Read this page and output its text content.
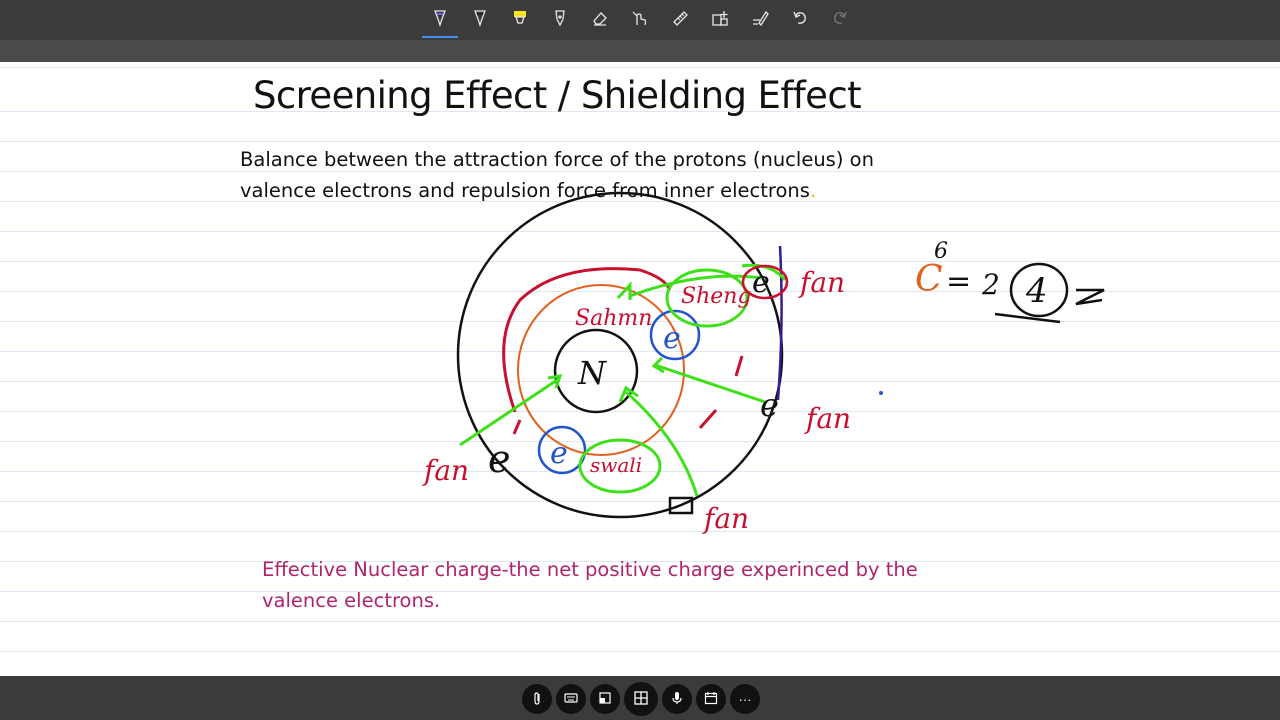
Screening Effect / Shielding Effect
Balance between the attraction force of the protons (nucleus) on
valence electrons and repulsion force from inner electrons.
N
e
e
e
e
e
fan
fan
fan
fan
Sahmn
Sheng
swali
6
C = 2 4
Effective Nuclear charge-the net positive charge experinced by the
valence electrons.
···
